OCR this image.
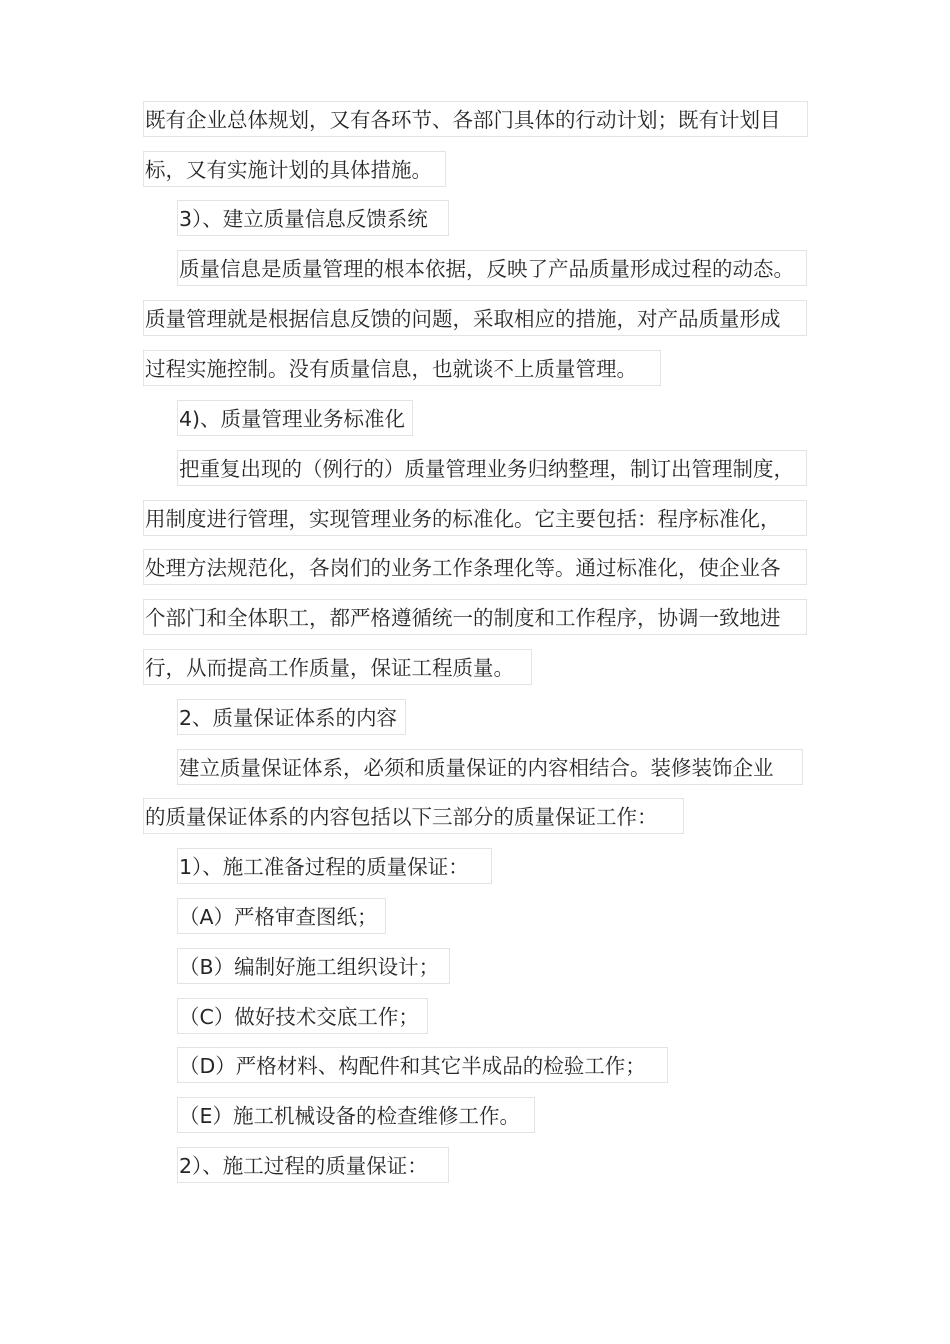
既有企业总体规划，又有各环节、各部门具体的行动计划；既有计划目
标，又有实施计划的具体措施。
3）、建立质量信息反馈系统
质量信息是质量管理的根本依据，反映了产品质量形成过程的动态。
质量管理就是根据信息反馈的问题，采取相应的措施，对产品质量形成
过程实施控制。没有质量信息，也就谈不上质量管理。
4)、质量管理业务标准化
把重复出现的（例行的）质量管理业务归纳整理，制订出管理制度，
用制度进行管理，实现管理业务的标准化。它主要包括：程序标准化，
处理方法规范化，各岗们的业务工作条理化等。通过标准化，使企业各
个部门和全体职工，都严格遵循统一的制度和工作程序，协调一致地进
行，从而提高工作质量，保证工程质量。
2、质量保证体系的内容
建立质量保证体系，必须和质量保证的内容相结合。装修装饰企业
的质量保证体系的内容包括以下三部分的质量保证工作：
1）、施工准备过程的质量保证：
（A）严格审查图纸；
（B）编制好施工组织设计；
（C）做好技术交底工作；
（D）严格材料、构配件和其它半成品的检验工作；
（E）施工机械设备的检查维修工作。
2）、施工过程的质量保证：
